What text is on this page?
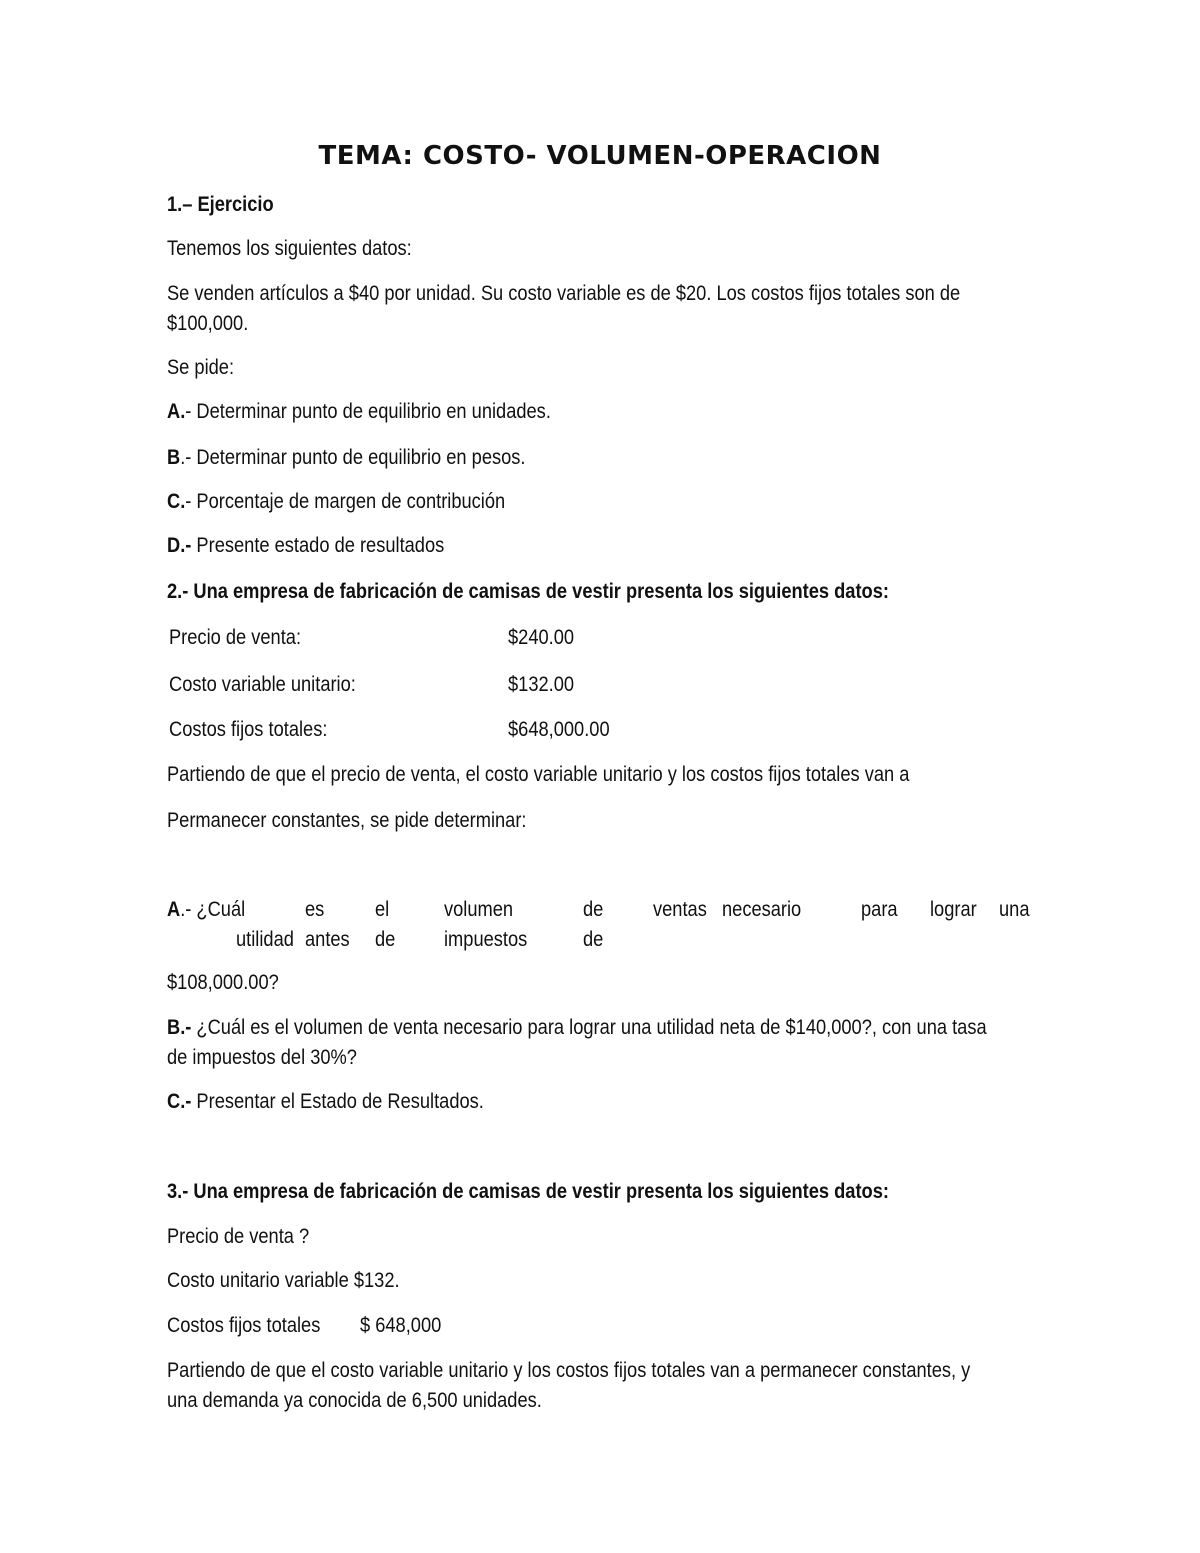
TEMA: COSTO- VOLUMEN-OPERACION
1.– Ejercicio
Tenemos los siguientes datos:
Se venden artículos a $40 por unidad. Su costo variable es de $20. Los costos fijos totales son de
$100,000.
Se pide:
A.- Determinar punto de equilibrio en unidades.
B.- Determinar punto de equilibrio en pesos.
C.- Porcentaje de margen de contribución
D.- Presente estado de resultados
2.- Una empresa de fabricación de camisas de vestir presenta los siguientes datos:
Precio de venta:	$240.00
Costo variable unitario:	$132.00
Costos fijos totales:	$648,000.00
Partiendo de que el precio de venta, el costo variable unitario y los costos fijos totales van a
Permanecer constantes, se pide determinar:
A.- ¿Cuál	es el	volumen	de ventas necesario	para lograr una
utilidad antes de impuestos	de
$108,000.00?
B.- ¿Cuál es el volumen de venta necesario para lograr una utilidad neta de $140,000?, con una tasa
de impuestos del 30%?
C.- Presentar el Estado de Resultados.
3.- Una empresa de fabricación de camisas de vestir presenta los siguientes datos:
Precio de venta ?
Costo unitario variable $132.
Costos fijos totales $ 648,000
Partiendo de que el costo variable unitario y los costos fijos totales van a permanecer constantes, y
una demanda ya conocida de 6,500 unidades.
